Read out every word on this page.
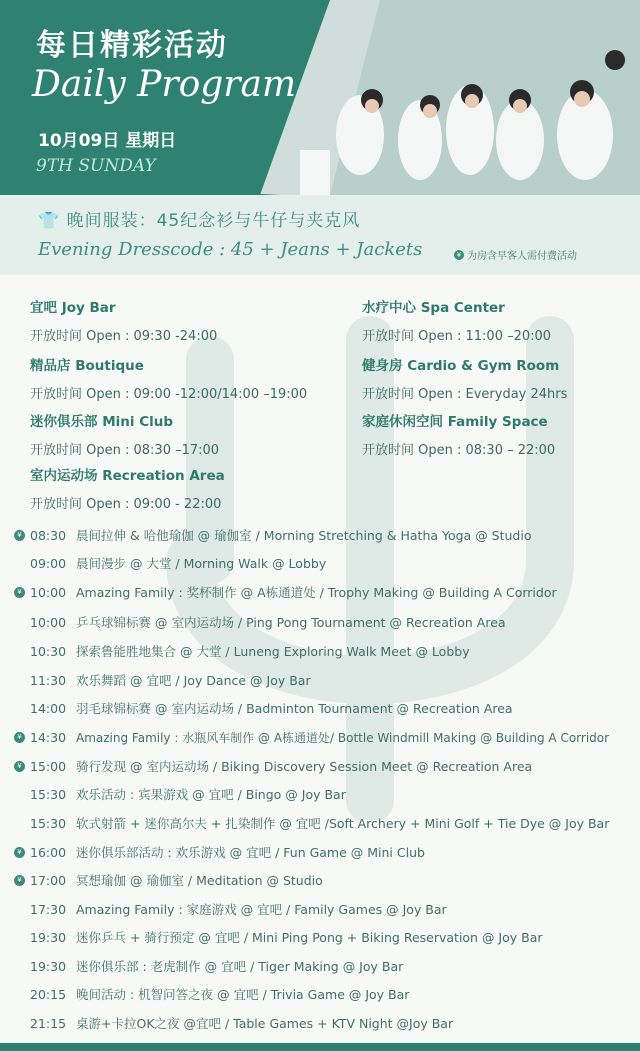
每日精彩活动
Daily Program
10月09日 星期日
9TH SUNDAY
👕 晚间服装：45纪念衫与牛仔与夹克风
Evening Dresscode : 45 + Jeans + Jackets	¥ 为房含早客人需付费活动
宜吧 Joy Bar
开放时间 Open : 09:30 -24:00
水疗中心 Spa Center
开放时间 Open : 11:00 –20:00
精品店 Boutique
开放时间 Open : 09:00 -12:00/14:00 –19:00
健身房 Cardio & Gym Room
开放时间 Open : Everyday 24hrs
迷你俱乐部 Mini Club
开放时间 Open : 08:30 –17:00
家庭休闲空间 Family Space
开放时间 Open : 08:30 – 22:00
室内运动场 Recreation Area
开放时间 Open : 09:00 - 22:00
¥ 08:30 晨间拉伸 & 哈他瑜伽 @ 瑜伽室 / Morning Stretching & Hatha Yoga @ Studio
09:00 晨间漫步 @ 大堂 / Morning Walk @ Lobby
¥ 10:00 Amazing Family : 奖杯制作 @ A栋通道处 / Trophy Making @ Building A Corridor
10:00 乒乓球锦标赛 @ 室内运动场 / Ping Pong Tournament @ Recreation Area
10:30 探索鲁能胜地集合 @ 大堂 / Luneng Exploring Walk Meet @ Lobby
11:30 欢乐舞蹈 @ 宜吧 / Joy Dance @ Joy Bar
14:00 羽毛球锦标赛 @ 室内运动场 / Badminton Tournament @ Recreation Area
¥ 14:30 Amazing Family : 水瓶风车制作 @ A栋通道处/ Bottle Windmill Making @ Building A Corridor
¥ 15:00 骑行发现 @ 室内运动场 / Biking Discovery Session Meet @ Recreation Area
15:30 欢乐活动 : 宾果游戏 @ 宜吧 / Bingo @ Joy Bar
15:30 软式射箭 + 迷你高尔夫 + 扎染制作 @ 宜吧 /Soft Archery + Mini Golf + Tie Dye @ Joy Bar
¥ 16:00 迷你俱乐部活动 : 欢乐游戏 @ 宜吧 / Fun Game @ Mini Club
¥ 17:00 冥想瑜伽 @ 瑜伽室 / Meditation @ Studio
17:30 Amazing Family : 家庭游戏 @ 宜吧 / Family Games @ Joy Bar
19:30 迷你乒乓 + 骑行预定 @ 宜吧 / Mini Ping Pong + Biking Reservation @ Joy Bar
19:30 迷你俱乐部 : 老虎制作 @ 宜吧 / Tiger Making @ Joy Bar
20:15 晚间活动 : 机智问答之夜 @ 宜吧 / Trivia Game @ Joy Bar
21:15 桌游+卡拉OK之夜 @宜吧 / Table Games + KTV Night @Joy Bar
